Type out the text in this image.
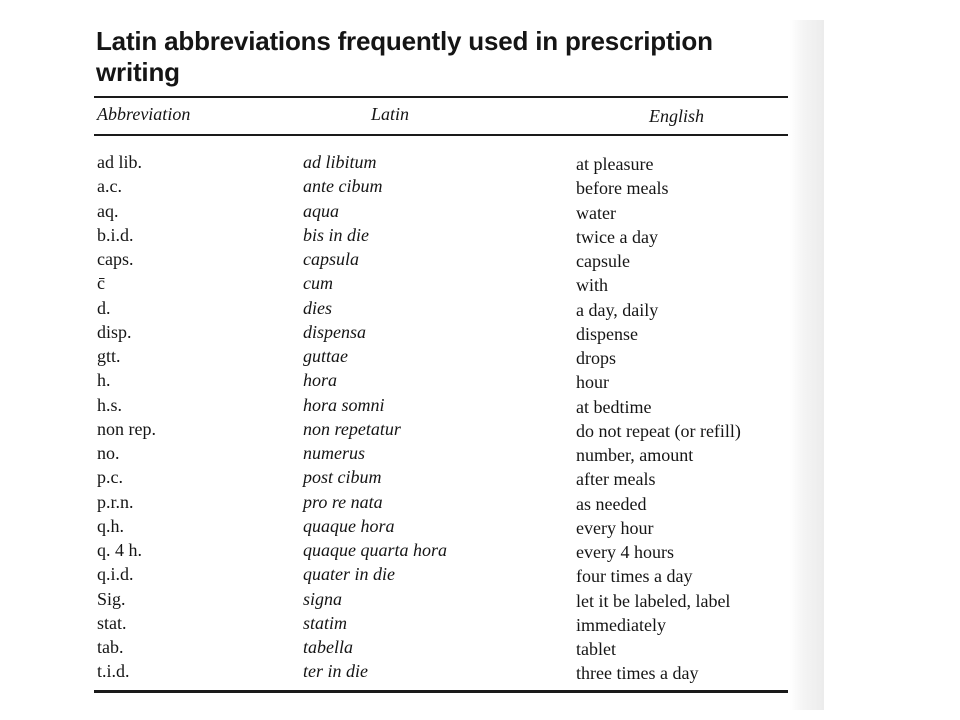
Latin abbreviations frequently used in prescription writing
Abbreviation	Latin	English
ad lib.	ad libitum	at pleasure
a.c.	ante cibum	before meals
aq.	aqua	water
b.i.d.	bis in die	twice a day
caps.	capsula	capsule
c̄	cum	with
d.	dies	a day, daily
disp.	dispensa	dispense
gtt.	guttae	drops
h.	hora	hour
h.s.	hora somni	at bedtime
non rep.	non repetatur	do not repeat (or refill)
no.	numerus	number, amount
p.c.	post cibum	after meals
p.r.n.	pro re nata	as needed
q.h.	quaque hora	every hour
q. 4 h.	quaque quarta hora	every 4 hours
q.i.d.	quater in die	four times a day
Sig.	signa	let it be labeled, label
stat.	statim	immediately
tab.	tabella	tablet
t.i.d.	ter in die	three times a day
